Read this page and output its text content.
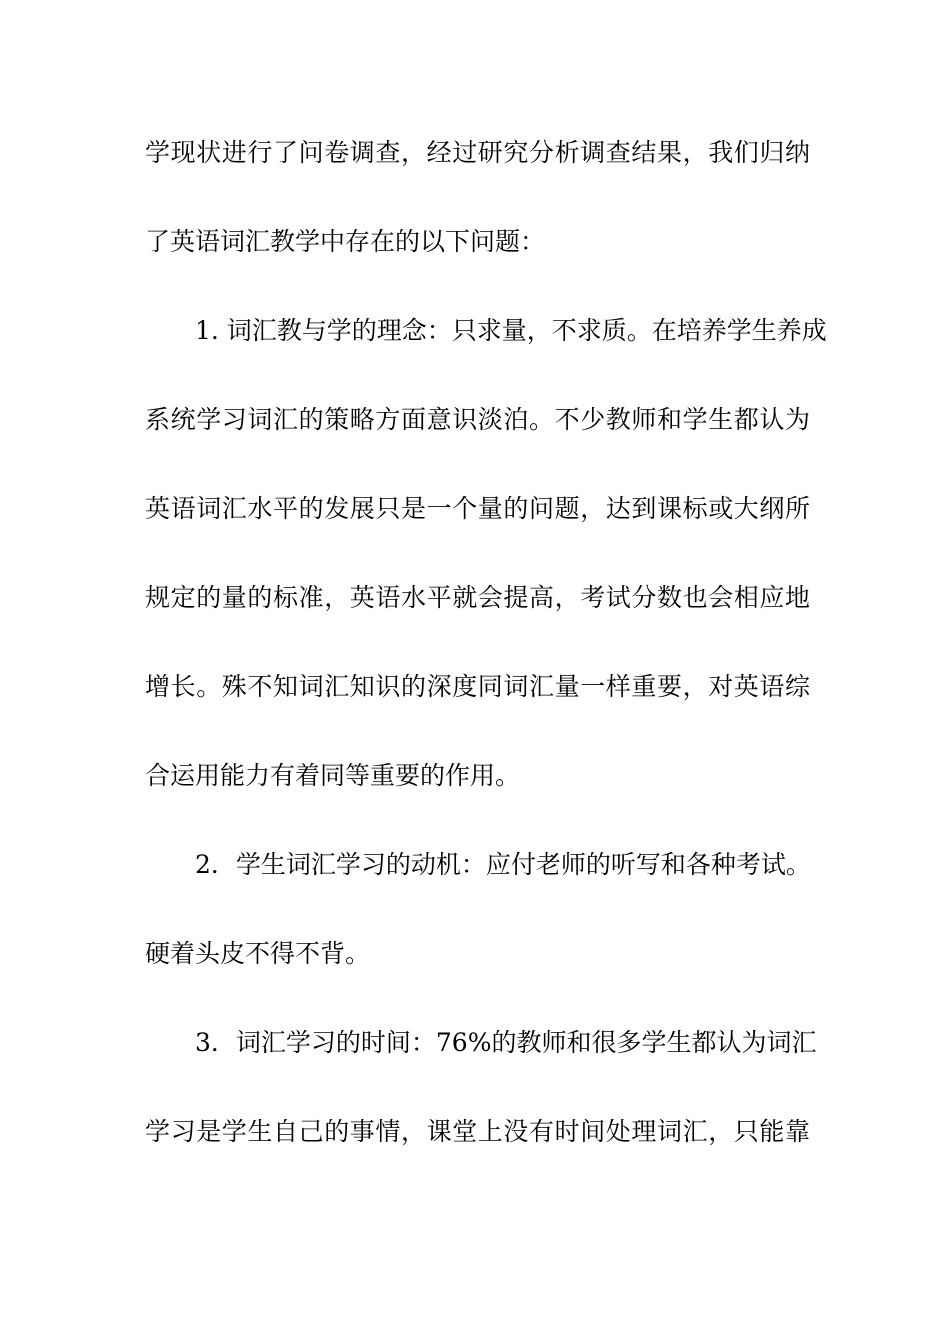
学现状进行了问卷调查，经过研究分析调查结果，我们归纳
了英语词汇教学中存在的以下问题：
1. 词汇教与学的理念：只求量，不求质。在培养学生养成
系统学习词汇的策略方面意识淡泊。不少教师和学生都认为
英语词汇水平的发展只是一个量的问题，达到课标或大纲所
规定的量的标准，英语水平就会提高，考试分数也会相应地
增长。殊不知词汇知识的深度同词汇量一样重要，对英语综
合运用能力有着同等重要的作用。
2．学生词汇学习的动机：应付老师的听写和各种考试。
硬着头皮不得不背。
3．词汇学习的时间：76%的教师和很多学生都认为词汇
学习是学生自己的事情，课堂上没有时间处理词汇，只能靠
